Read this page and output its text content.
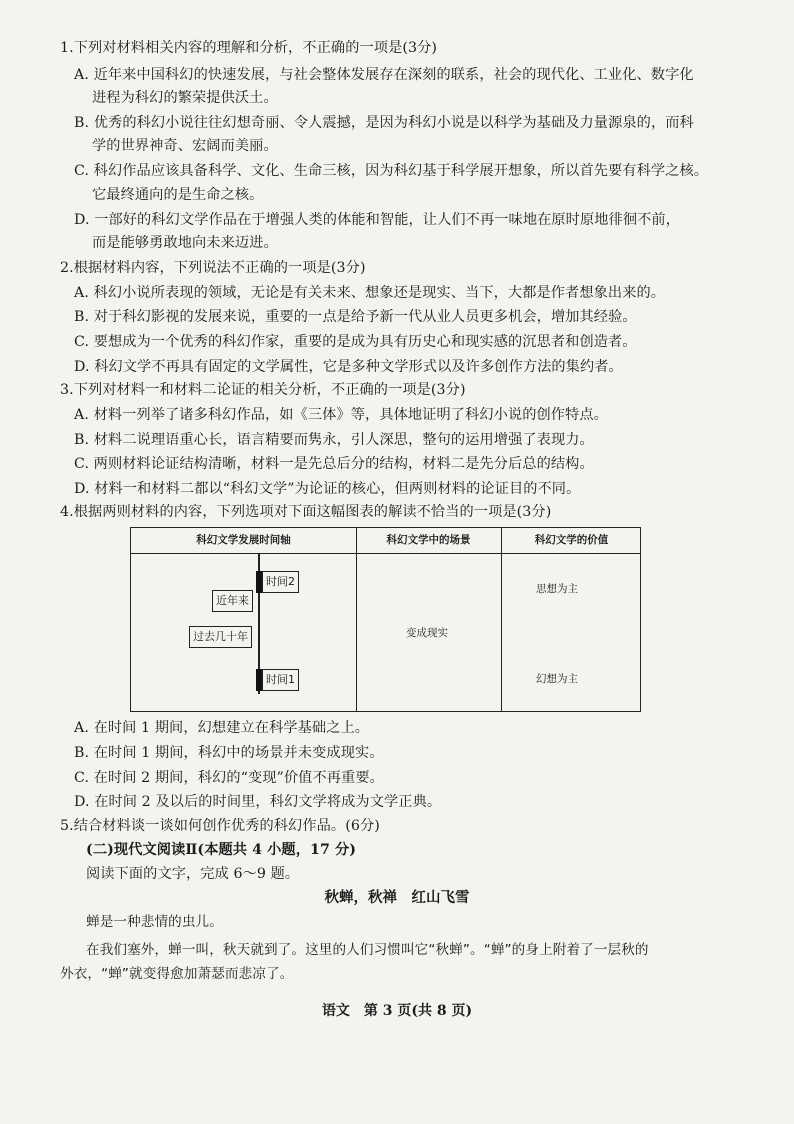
1.下列对材料相关内容的理解和分析，不正确的一项是(3分)
A. 近年来中国科幻的快速发展，与社会整体发展存在深刻的联系，社会的现代化、工业化、数字化
进程为科幻的繁荣提供沃土。
B. 优秀的科幻小说往往幻想奇丽、令人震撼，是因为科幻小说是以科学为基础及力量源泉的，而科
学的世界神奇、宏阔而美丽。
C. 科幻作品应该具备科学、文化、生命三核，因为科幻基于科学展开想象，所以首先要有科学之核。
它最终通向的是生命之核。
D. 一部好的科幻文学作品在于增强人类的体能和智能，让人们不再一味地在原时原地徘徊不前，
而是能够勇敢地向未来迈进。
2.根据材料内容，下列说法不正确的一项是(3分)
A. 科幻小说所表现的领域，无论是有关未来、想象还是现实、当下，大都是作者想象出来的。
B. 对于科幻影视的发展来说，重要的一点是给予新一代从业人员更多机会，增加其经验。
C. 要想成为一个优秀的科幻作家，重要的是成为具有历史心和现实感的沉思者和创造者。
D. 科幻文学不再具有固定的文学属性，它是多种文学形式以及许多创作方法的集约者。
3.下列对材料一和材料二论证的相关分析，不正确的一项是(3分)
A. 材料一列举了诸多科幻作品，如《三体》等，具体地证明了科幻小说的创作特点。
B. 材料二说理语重心长，语言精要而隽永，引人深思，整句的运用增强了表现力。
C. 两则材料论证结构清晰，材料一是先总后分的结构，材料二是先分后总的结构。
D. 材料一和材料二都以“科幻文学”为论证的核心，但两则材料的论证目的不同。
4.根据两则材料的内容，下列选项对下面这幅图表的解读不恰当的一项是(3分)
科幻文学发展时间轴	科幻文学中的场景	科幻文学的价值
时间2
近年来
过去几十年
时间1
变成现实
思想为主
幻想为主
A. 在时间 1 期间，幻想建立在科学基础之上。
B. 在时间 1 期间，科幻中的场景并未变成现实。
C. 在时间 2 期间，科幻的“变现”价值不再重要。
D. 在时间 2 及以后的时间里，科幻文学将成为文学正典。
5.结合材料谈一谈如何创作优秀的科幻作品。(6分)
(二)现代文阅读Ⅱ(本题共 4 小题，17 分)
阅读下面的文字，完成 6～9 题。
秋蝉，秋禅　红山飞雪
蝉是一种悲情的虫儿。
在我们塞外，蝉一叫，秋天就到了。这里的人们习惯叫它“秋蝉”。“蝉”的身上附着了一层秋的
外衣，“蝉”就变得愈加萧瑟而悲凉了。
语文　第 3 页(共 8 页)
